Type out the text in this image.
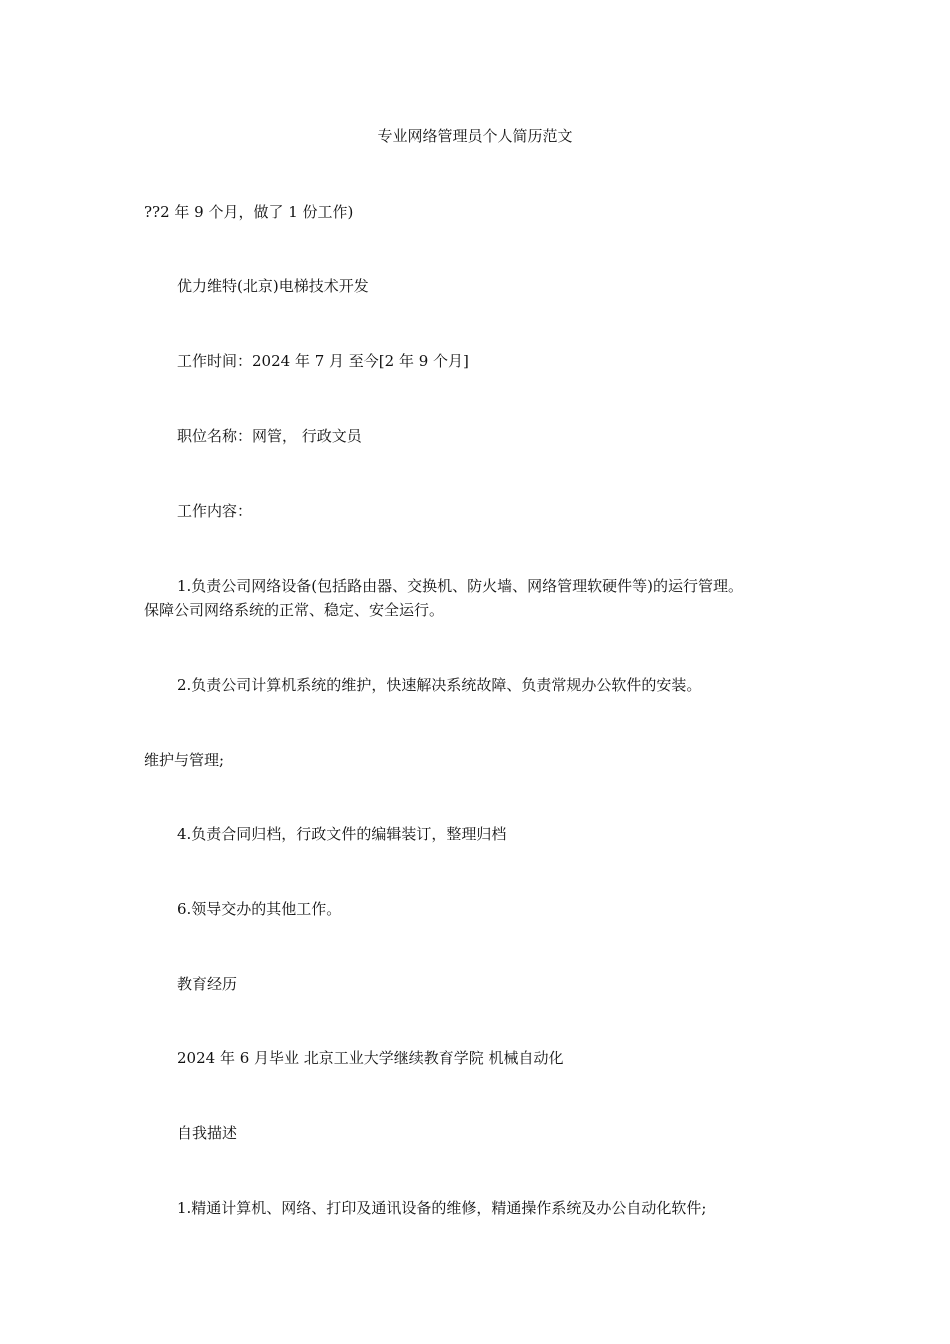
专业网络管理员个人简历范文

??2 年 9 个月，做了 1 份工作)

优力维特(北京)电梯技术开发

工作时间：2024 年 7 月 至今[2 年 9 个月]

职位名称：网管， 行政文员

工作内容：

1.负责公司网络设备(包括路由器、交换机、防火墙、网络管理软硬件等)的运行管理。
保障公司网络系统的正常、稳定、安全运行。

2.负责公司计算机系统的维护，快速解决系统故障、负责常规办公软件的安装。

维护与管理;

4.负责合同归档，行政文件的编辑装订，整理归档

6.领导交办的其他工作。

教育经历

2024 年 6 月毕业 北京工业大学继续教育学院 机械自动化

自我描述

1.精通计算机、网络、打印及通讯设备的维修，精通操作系统及办公自动化软件;
